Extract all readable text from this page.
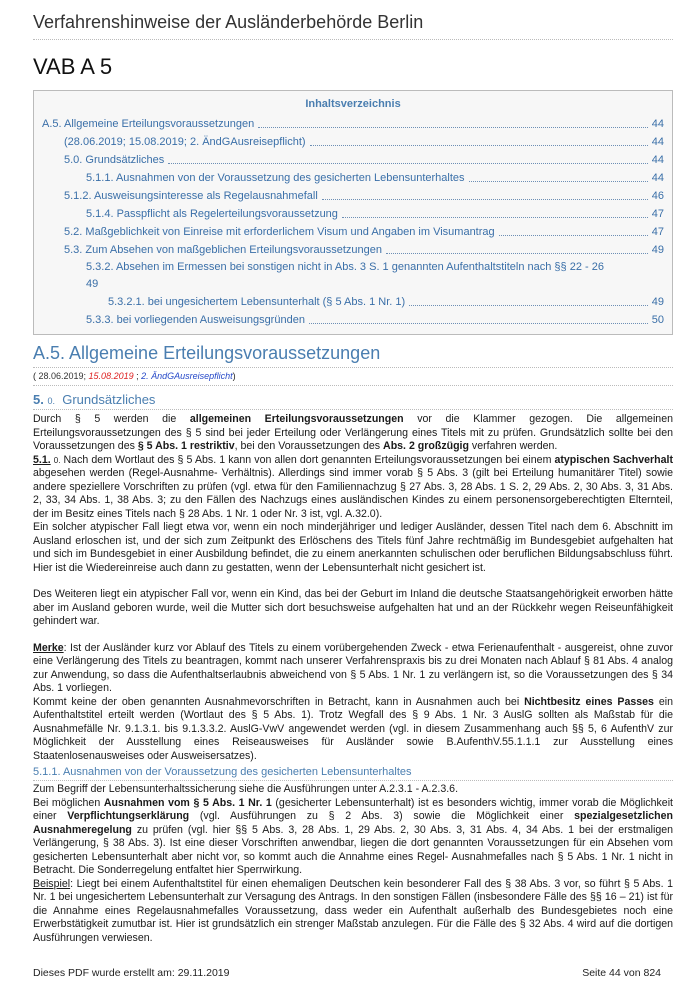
Verfahrenshinweise der Ausländerbehörde Berlin
VAB A 5
Inhaltsverzeichnis
A.5. Allgemeine Erteilungsvoraussetzungen	44
(28.06.2019; 15.08.2019; 2. ÄndGAusreisepflicht)	44
5.0. Grundsätzliches	44
5.1.1. Ausnahmen von der Voraussetzung des gesicherten Lebensunterhaltes	44
5.1.2. Ausweisungsinteresse als Regelausnahmefall	46
5.1.4. Passpflicht als Regelerteilungsvoraussetzung	47
5.2. Maßgeblichkeit von Einreise mit erforderlichem Visum und Angaben im Visumantrag	47
5.3. Zum Absehen von maßgeblichen Erteilungsvoraussetzungen	49
5.3.2. Absehen im Ermessen bei sonstigen nicht in Abs. 3 S. 1 genannten Aufenthaltstiteln nach §§ 22 - 26
49
5.3.2.1. bei ungesichertem Lebensunterhalt (§ 5 Abs. 1 Nr. 1)	49
5.3.3. bei vorliegenden Ausweisungsgründen	50
A.5. Allgemeine Erteilungsvoraussetzungen
( 28.06.2019; 15.08.2019 ; 2. ÄndGAusreisepflicht)
5. 0. Grundsätzliches

Durch § 5 werden die allgemeinen Erteilungsvoraussetzungen vor die Klammer gezogen. Die allgemeinen Erteilungsvoraussetzungen des § 5 sind bei jeder Erteilung oder Verlängerung eines Titels mit zu prüfen. Grundsätzlich sollte bei den Voraussetzungen des § 5 Abs. 1 restriktiv, bei den Voraussetzungen des Abs. 2 großzügig verfahren werden.

5.1. 0. Nach dem Wortlaut des § 5 Abs. 1 kann von allen dort genannten Erteilungsvoraussetzungen bei einem atypischen Sachverhalt abgesehen werden (Regel-Ausnahme- Verhältnis). Allerdings sind immer vorab § 5 Abs. 3 (gilt bei Erteilung humanitärer Titel) sowie andere speziellere Vorschriften zu prüfen (vgl. etwa für den Familiennachzug § 27 Abs. 3, 28 Abs. 1 S. 2, 29 Abs. 2, 30 Abs. 3, 31 Abs. 2, 33, 34 Abs. 1, 38 Abs. 3; zu den Fällen des Nachzugs eines ausländischen Kindes zu einem personensorgeberechtigten Elternteil, der im Besitz eines Titels nach § 28 Abs. 1 Nr. 1 oder Nr. 3 ist, vgl. A.32.0).

Ein solcher atypischer Fall liegt etwa vor, wenn ein noch minderjähriger und lediger Ausländer, dessen Titel nach dem 6. Abschnitt im Ausland erloschen ist, und der sich zum Zeitpunkt des Erlöschens des Titels fünf Jahre rechtmäßig im Bundesgebiet aufgehalten hat und sich im Bundesgebiet in einer Ausbildung befindet, die zu einem anerkannten schulischen oder beruflichen Bildungsabschluss führt. Hier ist die Wiedereinreise auch dann zu gestatten, wenn der Lebensunterhalt nicht gesichert ist.

Des Weiteren liegt ein atypischer Fall vor, wenn ein Kind, das bei der Geburt im Inland die deutsche Staatsangehörigkeit erworben hätte aber im Ausland geboren wurde, weil die Mutter sich dort besuchsweise aufgehalten hat und an der Rückkehr wegen Reiseunfähigkeit gehindert war.

Merke: Ist der Ausländer kurz vor Ablauf des Titels zu einem vorübergehenden Zweck - etwa Ferienaufenthalt - ausgereist, ohne zuvor eine Verlängerung des Titels zu beantragen, kommt nach unserer Verfahrenspraxis bis zu drei Monaten nach Ablauf § 81 Abs. 4 analog zur Anwendung, so dass die Aufenthaltserlaubnis abweichend von § 5 Abs. 1 Nr. 1 zu verlängern ist, so die Voraussetzungen des § 34 Abs. 1 vorliegen.

Kommt keine der oben genannten Ausnahmevorschriften in Betracht, kann in Ausnahmen auch bei Nichtbesitz eines Passes ein Aufenthaltstitel erteilt werden (Wortlaut des § 5 Abs. 1). Trotz Wegfall des § 9 Abs. 1 Nr. 3 AuslG sollten als Maßstab für die Ausnahmefälle Nr. 9.1.3.1. bis 9.1.3.3.2. AuslG-VwV angewendet werden (vgl. in diesem Zusammenhang auch §§ 5, 6 AufenthV zur Möglichkeit der Ausstellung eines Reiseausweises für Ausländer sowie B.AufenthV.55.1.1.1 zur Ausstellung eines Staatenlosenausweises oder Ausweisersatzes).

5.1.1. Ausnahmen von der Voraussetzung des gesicherten Lebensunterhaltes

Zum Begriff der Lebensunterhaltssicherung siehe die Ausführungen unter A.2.3.1 - A.2.3.6.

Bei möglichen Ausnahmen vom § 5 Abs. 1 Nr. 1 (gesicherter Lebensunterhalt) ist es besonders wichtig, immer vorab die Möglichkeit einer Verpflichtungserklärung (vgl. Ausführungen zu § 2 Abs. 3) sowie die Möglichkeit einer spezialgesetzlichen Ausnahmeregelung zu prüfen (vgl. hier §§ 5 Abs. 3, 28 Abs. 1, 29 Abs. 2, 30 Abs. 3, 31 Abs. 4, 34 Abs. 1 bei der erstmaligen Verlängerung, § 38 Abs. 3). Ist eine dieser Vorschriften anwendbar, liegen die dort genannten Voraussetzungen für ein Absehen vom gesicherten Lebensunterhalt aber nicht vor, so kommt auch die Annahme eines Regel- Ausnahmefalles nach § 5 Abs. 1 Nr. 1 nicht in Betracht. Die Sonderregelung entfaltet hier Sperrwirkung.

Beispiel: Liegt bei einem Aufenthaltstitel für einen ehemaligen Deutschen kein besonderer Fall des § 38 Abs. 3 vor, so führt § 5 Abs. 1 Nr. 1 bei ungesichertem Lebensunterhalt zur Versagung des Antrags. In den sonstigen Fällen (insbesondere Fälle des §§ 16 – 21) ist für die Annahme eines Regelausnahmefalles Voraussetzung, dass weder ein Aufenthalt außerhalb des Bundesgebietes noch eine Erwerbstätigkeit zumutbar ist. Hier ist grundsätzlich ein strenger Maßstab anzulegen. Für die Fälle des § 32 Abs. 4 wird auf die dortigen Ausführungen verwiesen.

Dieses PDF wurde erstellt am: 29.11.2019	Seite 44 von 824
